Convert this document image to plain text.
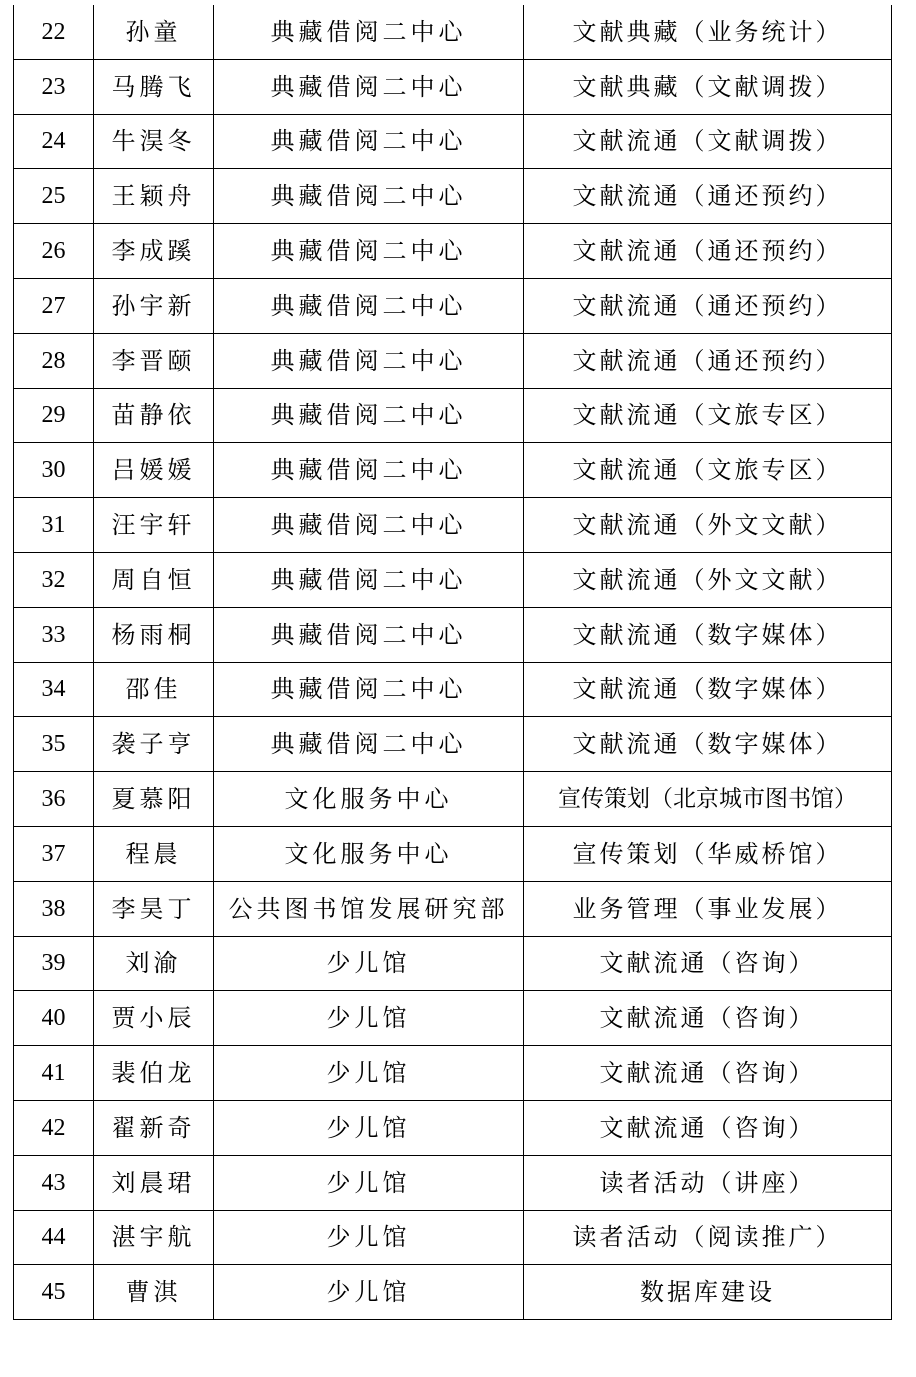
22	孙童	典藏借阅二中心	文献典藏（业务统计）
23	马腾飞	典藏借阅二中心	文献典藏（文献调拨）
24	牛淏冬	典藏借阅二中心	文献流通（文献调拨）
25	王颖舟	典藏借阅二中心	文献流通（通还预约）
26	李成蹊	典藏借阅二中心	文献流通（通还预约）
27	孙宇新	典藏借阅二中心	文献流通（通还预约）
28	李晋颐	典藏借阅二中心	文献流通（通还预约）
29	苗静依	典藏借阅二中心	文献流通（文旅专区）
30	吕媛媛	典藏借阅二中心	文献流通（文旅专区）
31	汪宇轩	典藏借阅二中心	文献流通（外文文献）
32	周自恒	典藏借阅二中心	文献流通（外文文献）
33	杨雨桐	典藏借阅二中心	文献流通（数字媒体）
34	邵佳	典藏借阅二中心	文献流通（数字媒体）
35	袭子亨	典藏借阅二中心	文献流通（数字媒体）
36	夏慕阳	文化服务中心	宣传策划（北京城市图书馆）
37	程晨	文化服务中心	宣传策划（华威桥馆）
38	李昊丁	公共图书馆发展研究部	业务管理（事业发展）
39	刘渝	少儿馆	文献流通（咨询）
40	贾小辰	少儿馆	文献流通（咨询）
41	裴伯龙	少儿馆	文献流通（咨询）
42	翟新奇	少儿馆	文献流通（咨询）
43	刘晨珺	少儿馆	读者活动（讲座）
44	湛宇航	少儿馆	读者活动（阅读推广）
45	曹淇	少儿馆	数据库建设
